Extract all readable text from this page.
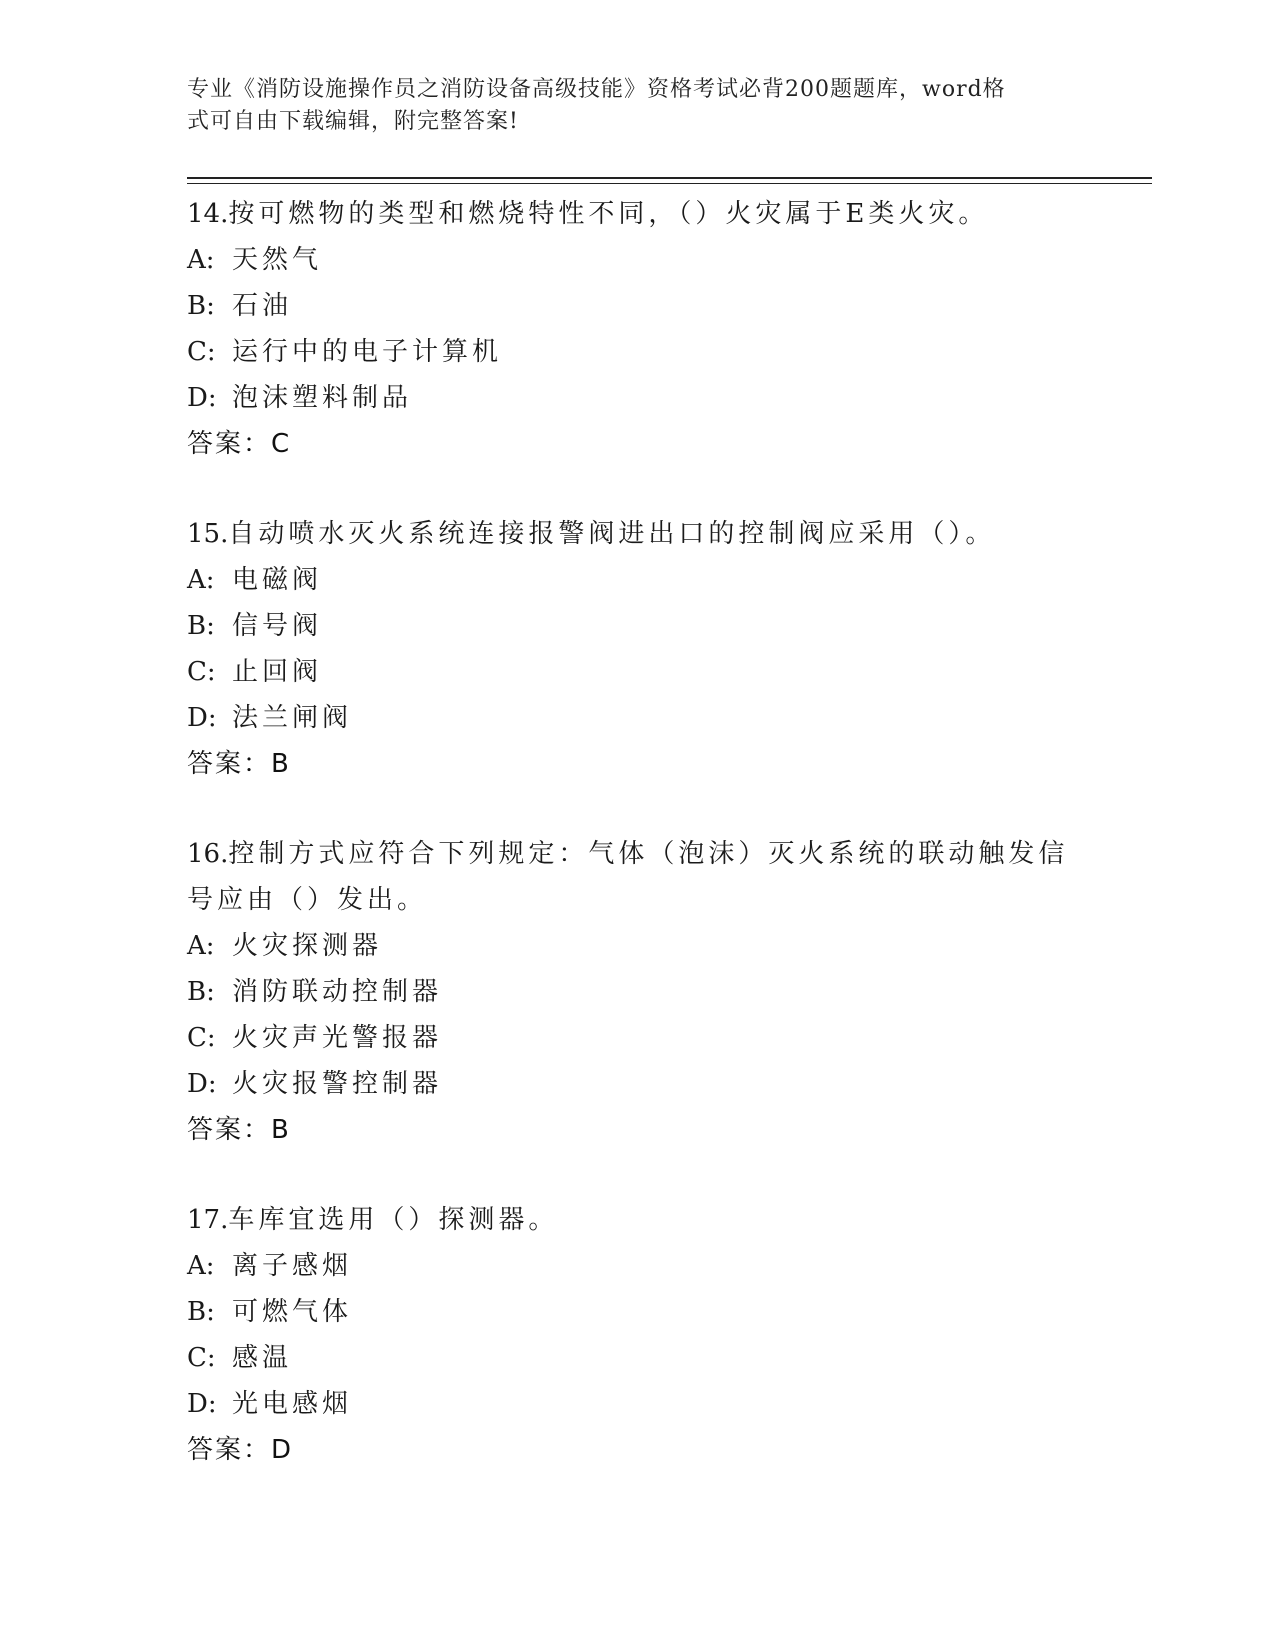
专业《消防设施操作员之消防设备高级技能》资格考试必背200题题库，word格
式可自由下载编辑，附完整答案!
14.按可燃物的类型和燃烧特性不同，（）火灾属于E类火灾。
A: 天然气
B: 石油
C: 运行中的电子计算机
D: 泡沫塑料制品
答案：C
15.自动喷水灭火系统连接报警阀进出口的控制阀应采用（）。
A: 电磁阀
B: 信号阀
C: 止回阀
D: 法兰闸阀
答案：B
16.控制方式应符合下列规定：气体（泡沫）灭火系统的联动触发信号应由（）发出。
A: 火灾探测器
B: 消防联动控制器
C: 火灾声光警报器
D: 火灾报警控制器
答案：B
17.车库宜选用（）探测器。
A: 离子感烟
B: 可燃气体
C: 感温
D: 光电感烟
答案：D
